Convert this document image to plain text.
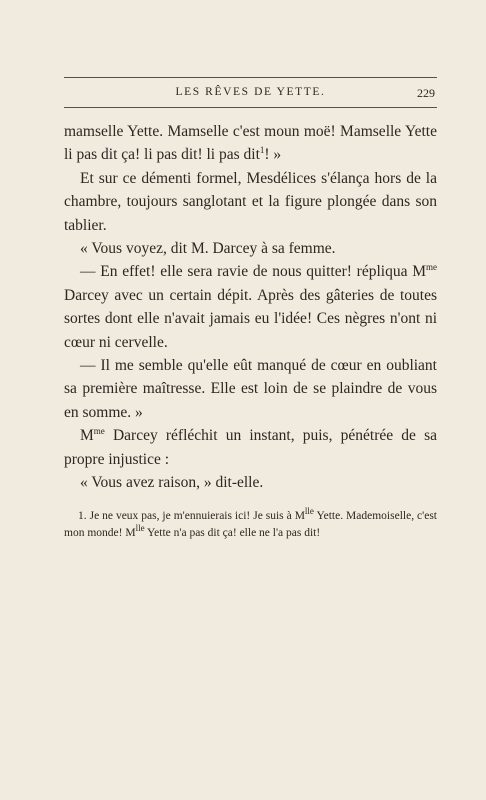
LES RÊVES DE YETTE.	229

mamselle Yette. Mamselle c'est moun moë! Mamselle Yette li pas dit ça! li pas dit! li pas dit$^1$! »

Et sur ce démenti formel, Mesdélices s'élança hors de la chambre, toujours sanglotant et la figure plongée dans son tablier.

« Vous voyez, dit M. Darcey à sa femme.

— En effet! elle sera ravie de nous quitter! répliqua $M^{me}$ Darcey avec un certain dépit. Après des gâteries de toutes sortes dont elle n'avait jamais eu l'idée! Ces nègres n'ont ni cœur ni cervelle.

— Il me semble qu'elle eût manqué de cœur en oubliant sa première maîtresse. Elle est loin de se plaindre de vous en somme. »

$M^{me}$ Darcey réfléchit un instant, puis, pénétrée de sa propre injustice :

« Vous avez raison, » dit-elle.

1. Je ne veux pas, je m'ennuierais ici! Je suis à $M^{lle}$ Yette. Mademoiselle, c'est mon monde! $M^{lle}$ Yette n'a pas dit ça! elle ne l'a pas dit!
